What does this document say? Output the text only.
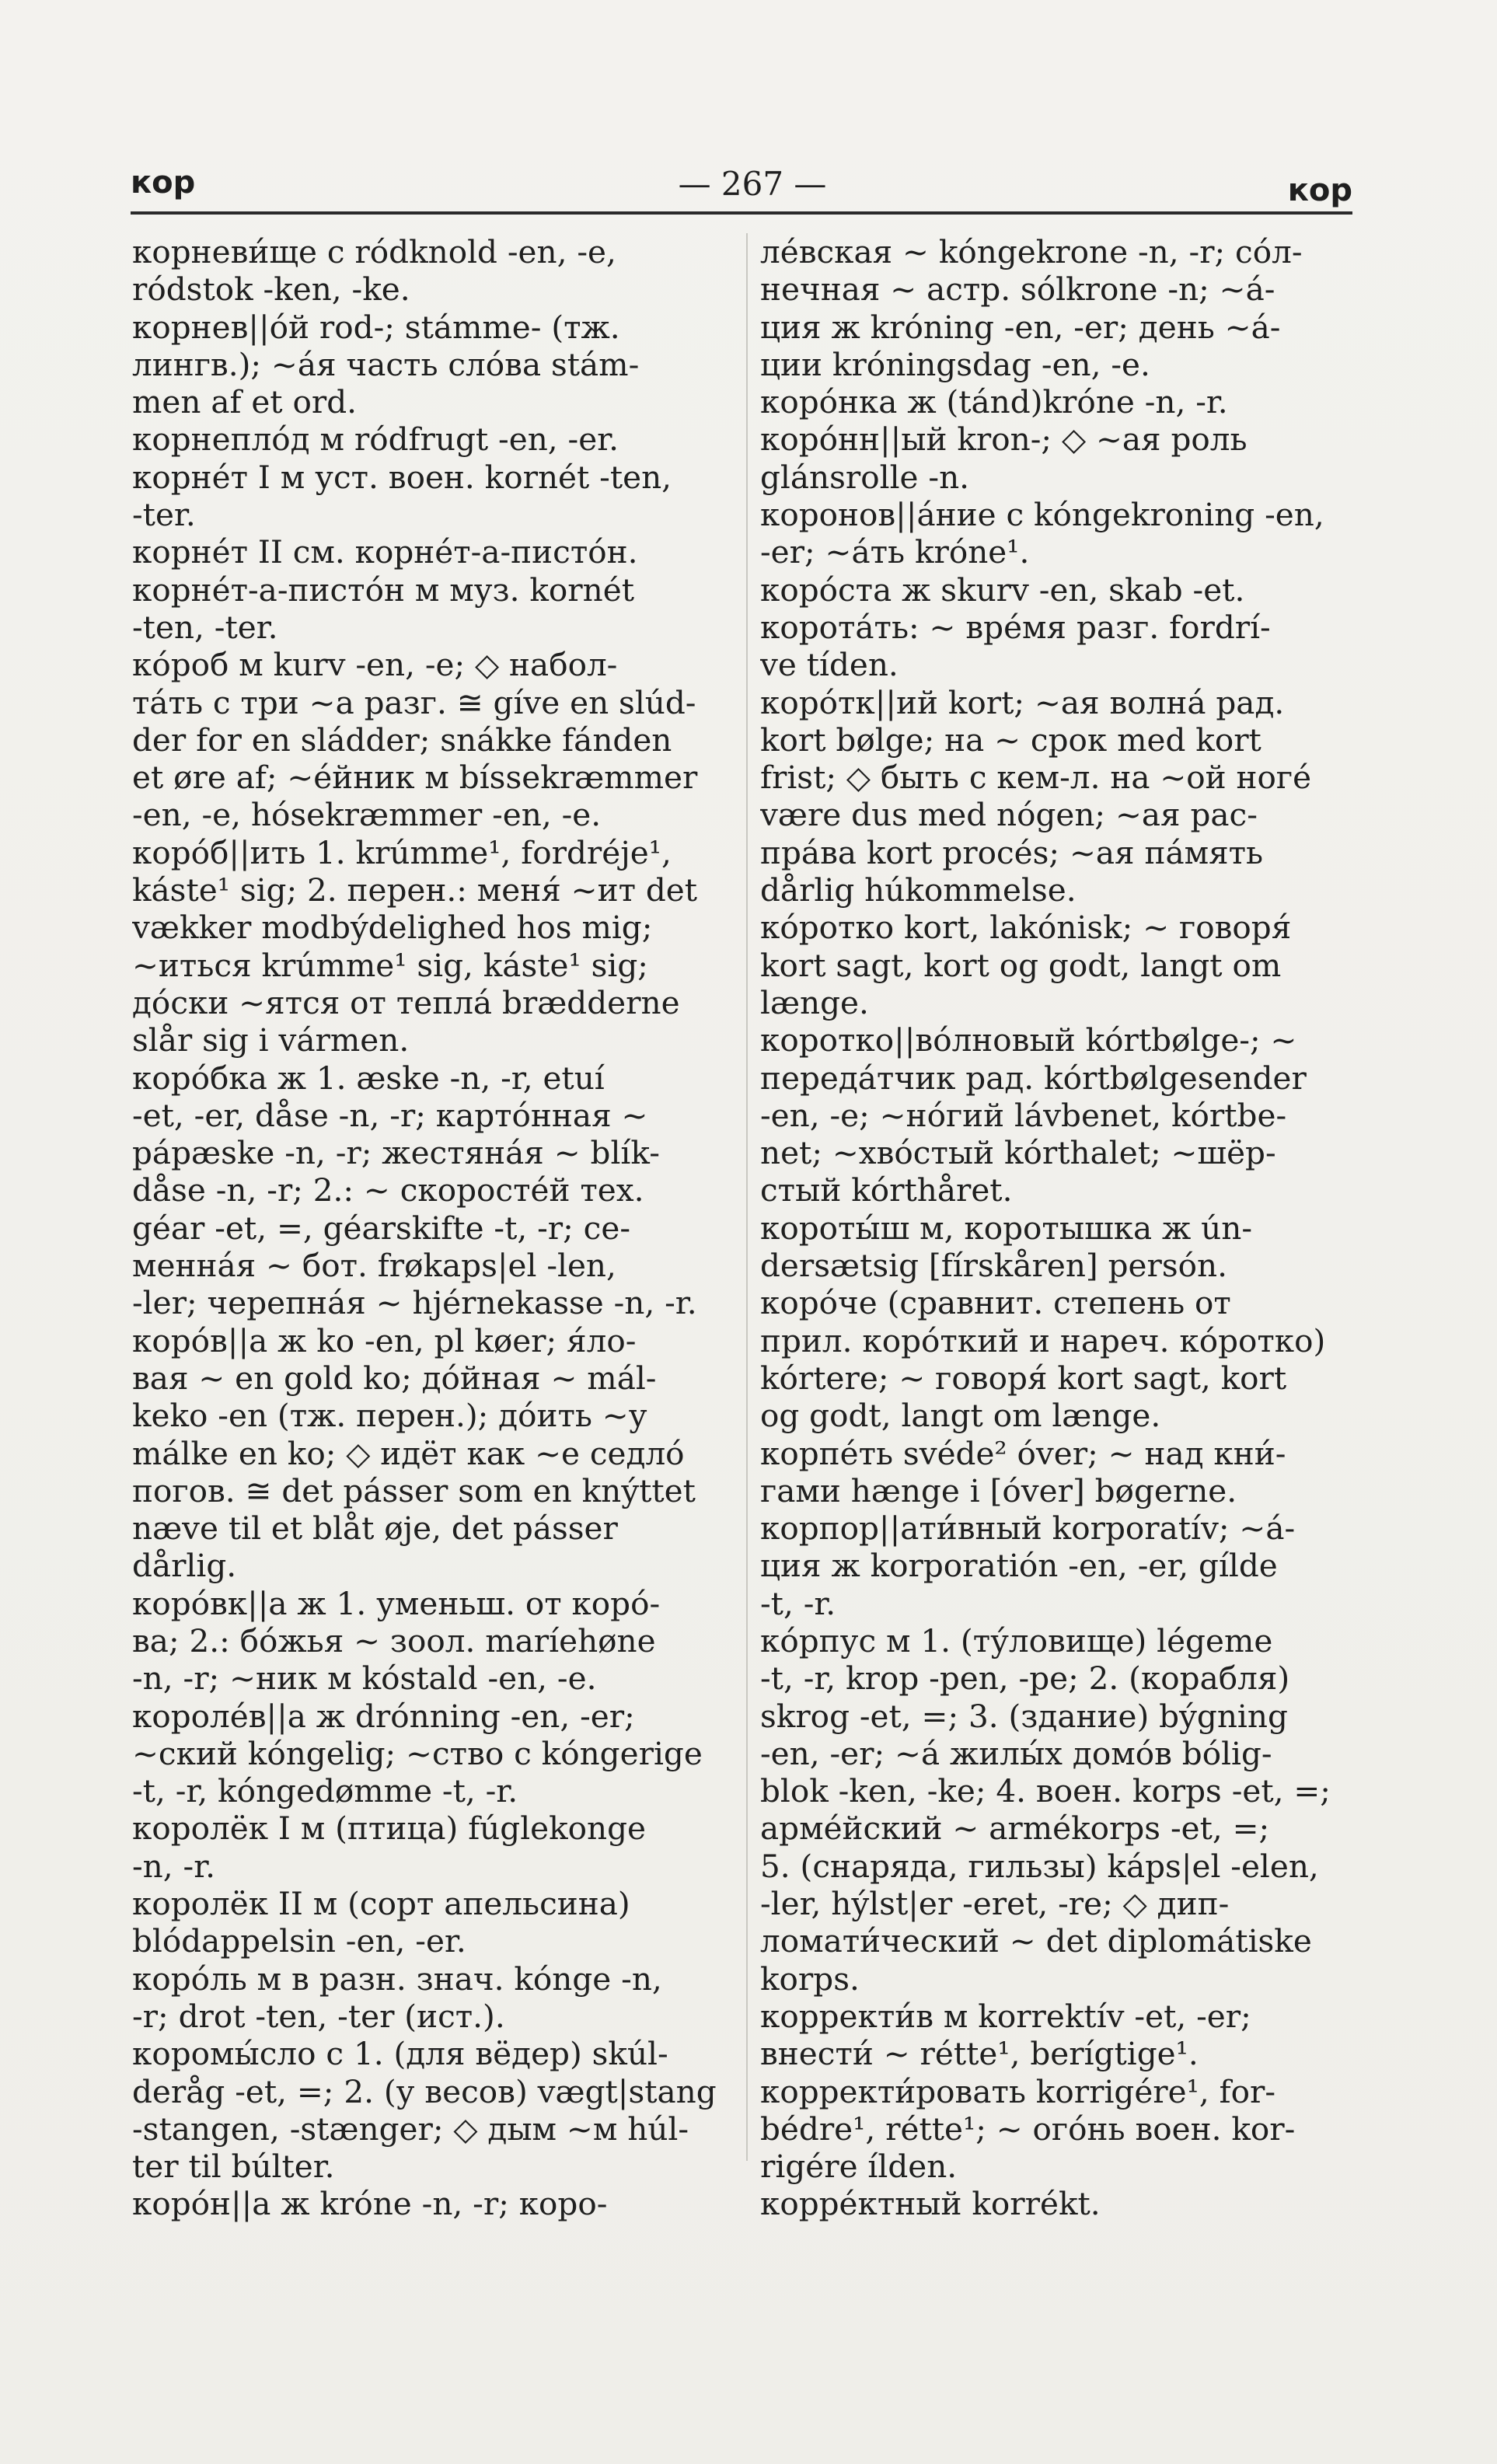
кор	— 267 —	кор
корневи́ще с ródknold -en, -e,
ródstok -ken, -ke.
корнев||о́й rod-; stámme- (тж.
лингв.); ~а́я часть сло́ва stám-
men af et ord.
корнепло́д м ródfrugt -en, -er.
корне́т I м уст. воен. kornét -ten,
-ter.
корне́т II см. корне́т-а-писто́н.
корне́т-а-писто́н м муз. kornét
-ten, -ter.
ко́роб м kurv -en, -e; ◇ набол-
та́ть с три ~а разг. ≅ gíve en slúd-
der for en sládder; snákke fánden
et øre af; ~е́йник м bíssekræmmer
-en, -e, hósekræmmer -en, -e.
коро́б||ить 1. krúmme¹, fordréje¹,
káste¹ sig; 2. перен.: меня́ ~ит det
vækker modbýdelighed hos mig;
~иться krúmme¹ sig, káste¹ sig;
до́ски ~ятся от тепла́ brædderne
slår sig i vármen.
коро́бка ж 1. æske -n, -r, etuí
-et, -er, dåse -n, -r; карто́нная ~
pápæske -n, -r; жестяна́я ~ blík-
dåse -n, -r; 2.: ~ скоросте́й тех.
géar -et, =, géarskifte -t, -r; се-
менна́я ~ бот. frøkaps|el -len,
-ler; черепна́я ~ hjérnekasse -n, -r.
коро́в||а ж ko -en, pl køer; я́ло-
вая ~ en gold ko; до́йная ~ mál-
keko -en (тж. перен.); до́ить ~у
málke en ko; ◇ идёт как ~е седло́
погов. ≅ det pásser som en knýttet
næve til et blåt øje, det pásser
dårlig.
коро́вк||а ж 1. уменьш. от коро́-
ва; 2.: бо́жья ~ зоол. maríehøne
-n, -r; ~ник м kóstald -en, -e.
короле́в||а ж drónning -en, -er;
~ский kóngelig; ~ство с kóngerige
-t, -r, kóngedømme -t, -r.
королёк I м (птица) fúglekonge
-n, -r.
королёк II м (сорт апельсина)
blódappelsin -en, -er.
коро́ль м в разн. знач. kónge -n,
-r; drot -ten, -ter (ист.).
коромы́сло с 1. (для вёдер) skúl-
deråg -et, =; 2. (у весов) vægt|stang
-stangen, -stænger; ◇ дым ~м húl-
ter til búlter.
коро́н||а ж króne -n, -r; коро-
ле́вская ~ kóngekrone -n, -r; со́л-
нечная ~ астр. sólkrone -n; ~а́-
ция ж króning -en, -er; день ~а́-
ции króningsdag -en, -e.
коро́нка ж (tánd)króne -n, -r.
коро́нн||ый kron-; ◇ ~ая роль
glánsrolle -n.
коронов||а́ние с kóngekroning -en,
-er; ~а́ть króne¹.
коро́ста ж skurv -en, skab -et.
корота́ть: ~ вре́мя разг. fordrí-
ve tíden.
коро́тк||ий kort; ~ая волна́ рад.
kort bølge; на ~ срок med kort
frist; ◇ быть с кем-л. на ~ой ноге́
være dus med nógen; ~ая рас-
пра́ва kort procés; ~ая па́мять
dårlig húkommelse.
ко́ротко kort, lakónisk; ~ говоря́
kort sagt, kort og godt, langt om
længe.
коротко||во́лновый kórtbølge-; ~
переда́тчик рад. kórtbølgesender
-en, -e; ~но́гий lávbenet, kórtbe-
net; ~хво́стый kórthalet; ~шёр-
стый kórthåret.
короты́ш м, коротышка ж ún-
dersætsig [fírskåren] persón.
коро́че (сравнит. степень от
прил. коро́ткий и нареч. ко́ротко)
kórtere; ~ говоря́ kort sagt, kort
og godt, langt om længe.
корпе́ть svéde² óver; ~ над кни́-
гами hænge i [óver] bøgerne.
корпор||ати́вный korporatív; ~а́-
ция ж korporatión -en, -er, gílde
-t, -r.
ко́рпус м 1. (ту́ловище) légeme
-t, -r, krop -pen, -pe; 2. (корабля)
skrog -et, =; 3. (здание) býgning
-en, -er; ~а́ жилы́х домо́в bólig-
blok -ken, -ke; 4. воен. korps -et, =;
арме́йский ~ armékorps -et, =;
5. (снаряда, гильзы) káps|el -elen,
-ler, hýlst|er -eret, -re; ◇ дип-
ломати́ческий ~ det diplomátiske
korps.
корректи́в м korrektív -et, -er;
внести́ ~ rétte¹, berígtige¹.
корректи́ровать korrigére¹, for-
bédre¹, rétte¹; ~ ого́нь воен. kor-
rigére ílden.
корре́ктный korrékt.
